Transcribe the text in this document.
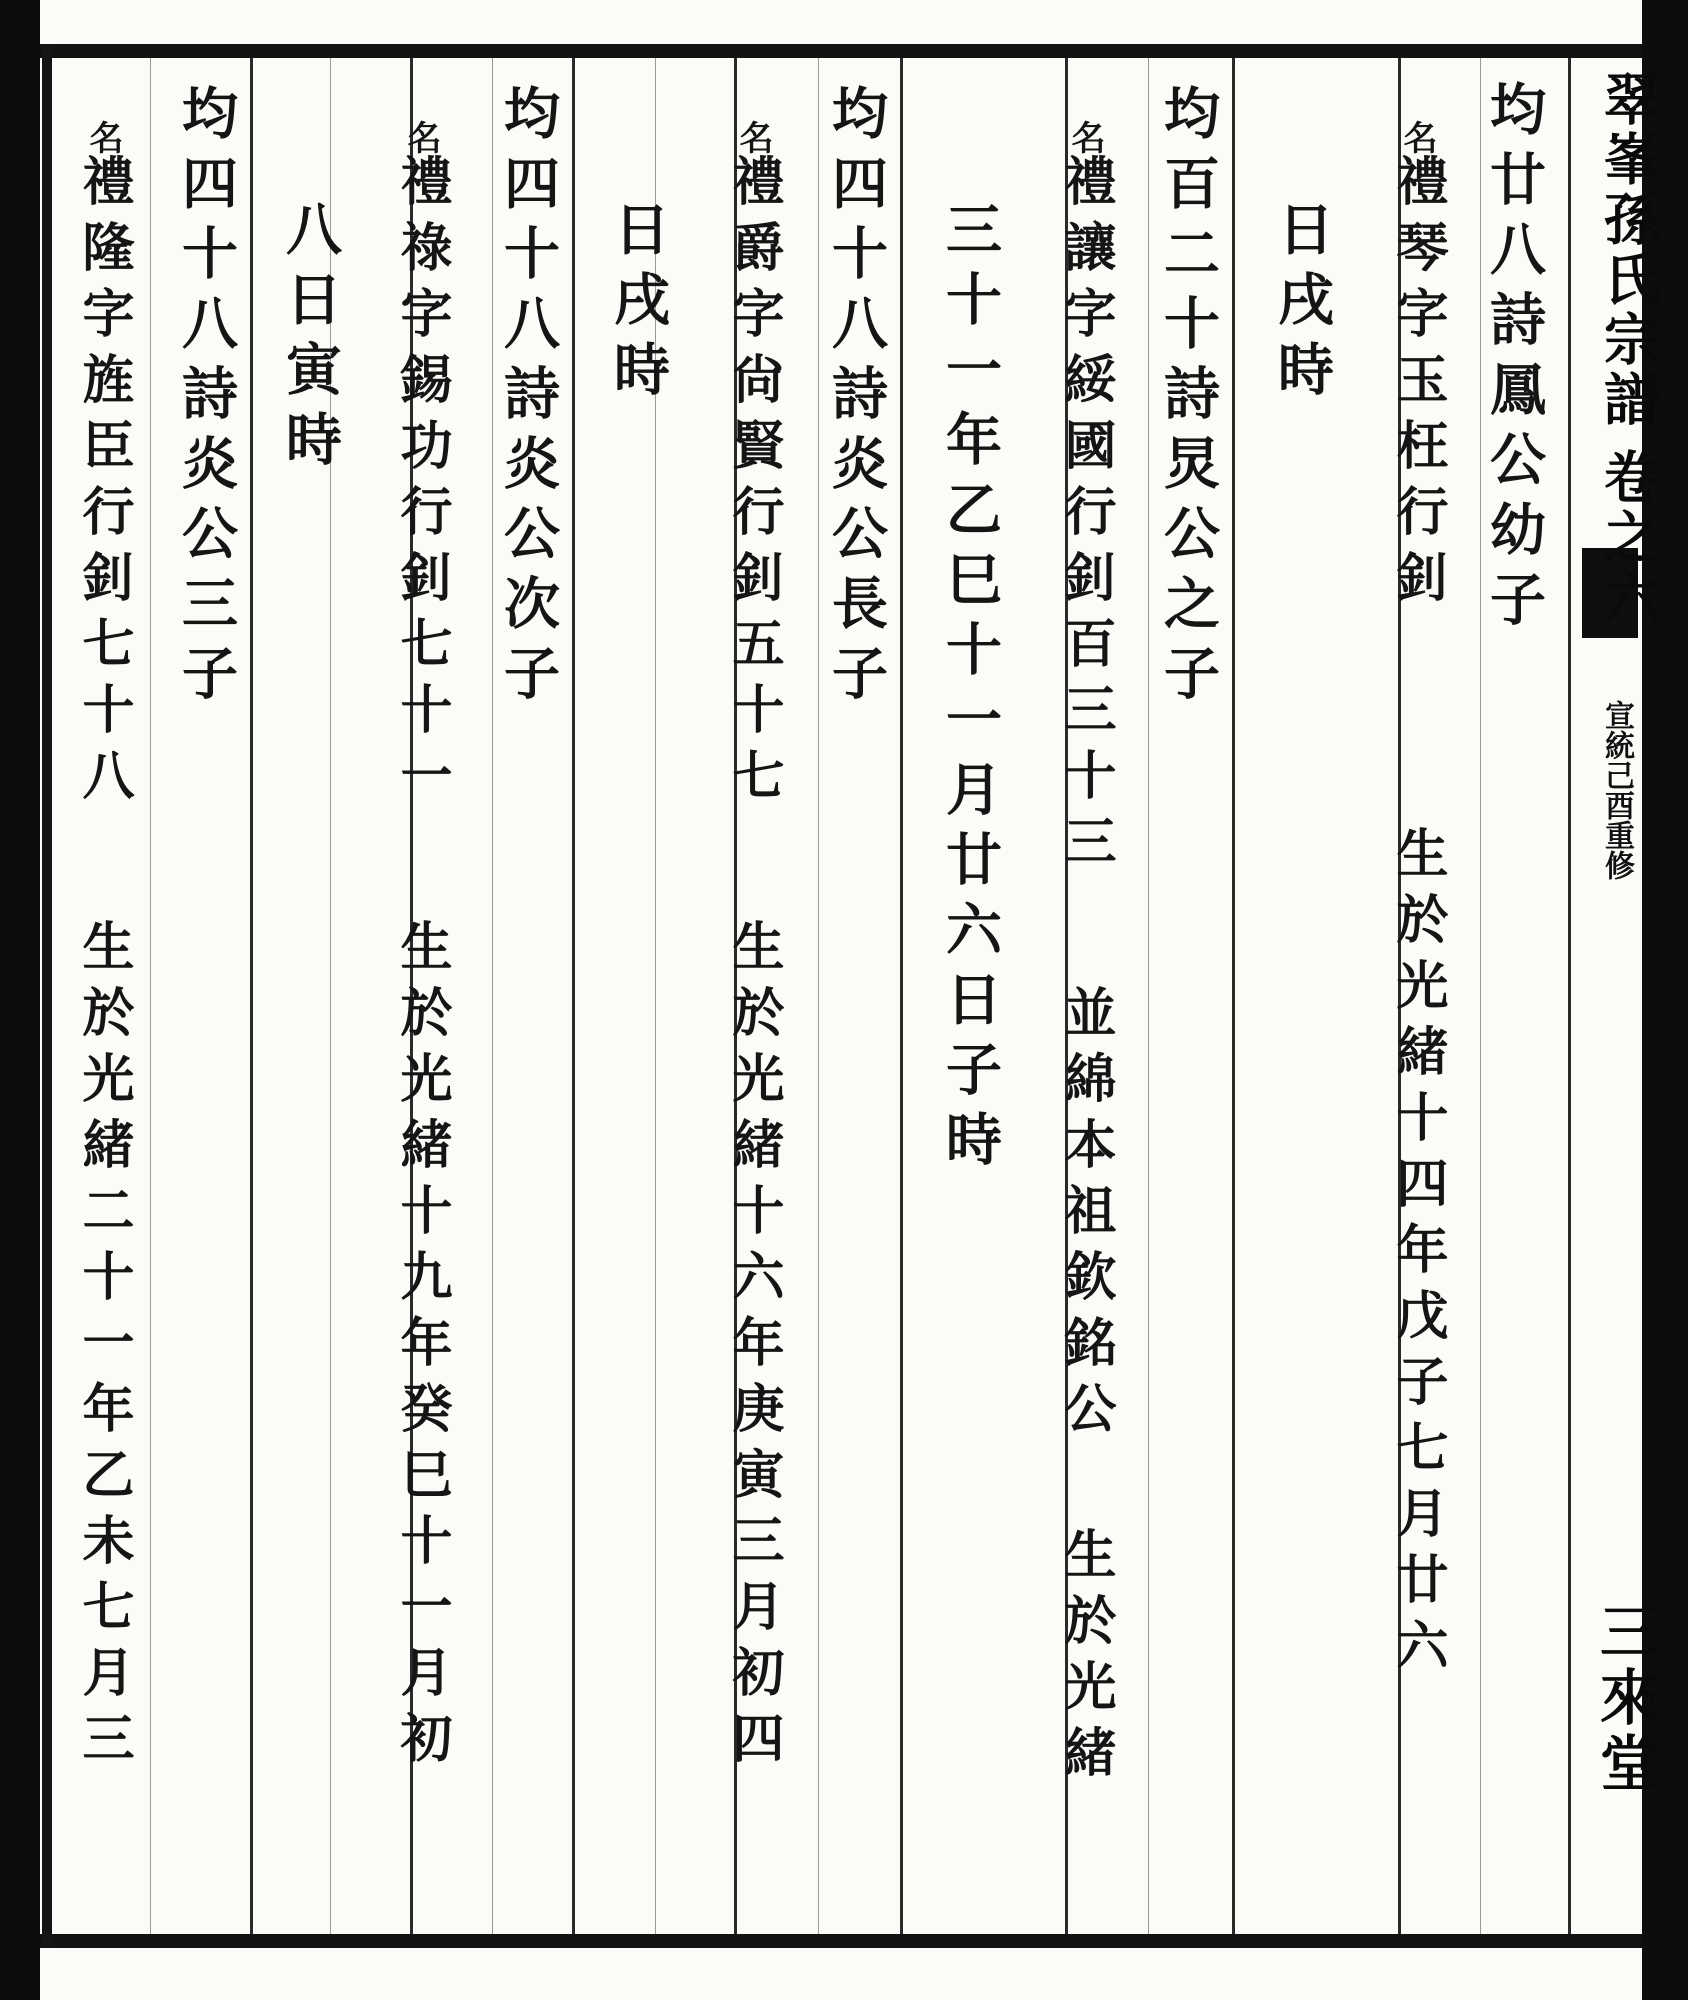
翠峯孫氏宗譜卷之六
宣統己酉重修
三來堂
均廿八詩鳳公幼子
名禮琴字玉枉行釗生於光緒十四年戊子七月廿六
日戌時
均百二十詩炅公之子
名禮讓字綏國行釗百三十三並綿本祖欽銘公生於光緒
三十一年乙巳十一月廿六日子時
均四十八詩炎公長子
名禮爵字尙賢行釗五十七生於光緒十六年庚寅三月初四
日戌時
均四十八詩炎公次子
名禮祿字錫功行釗七十一生於光緒十九年癸巳十一月初
八日寅時
均四十八詩炎公三子
名禮隆字旌臣行釗七十八生於光緒二十一年乙未七月三
